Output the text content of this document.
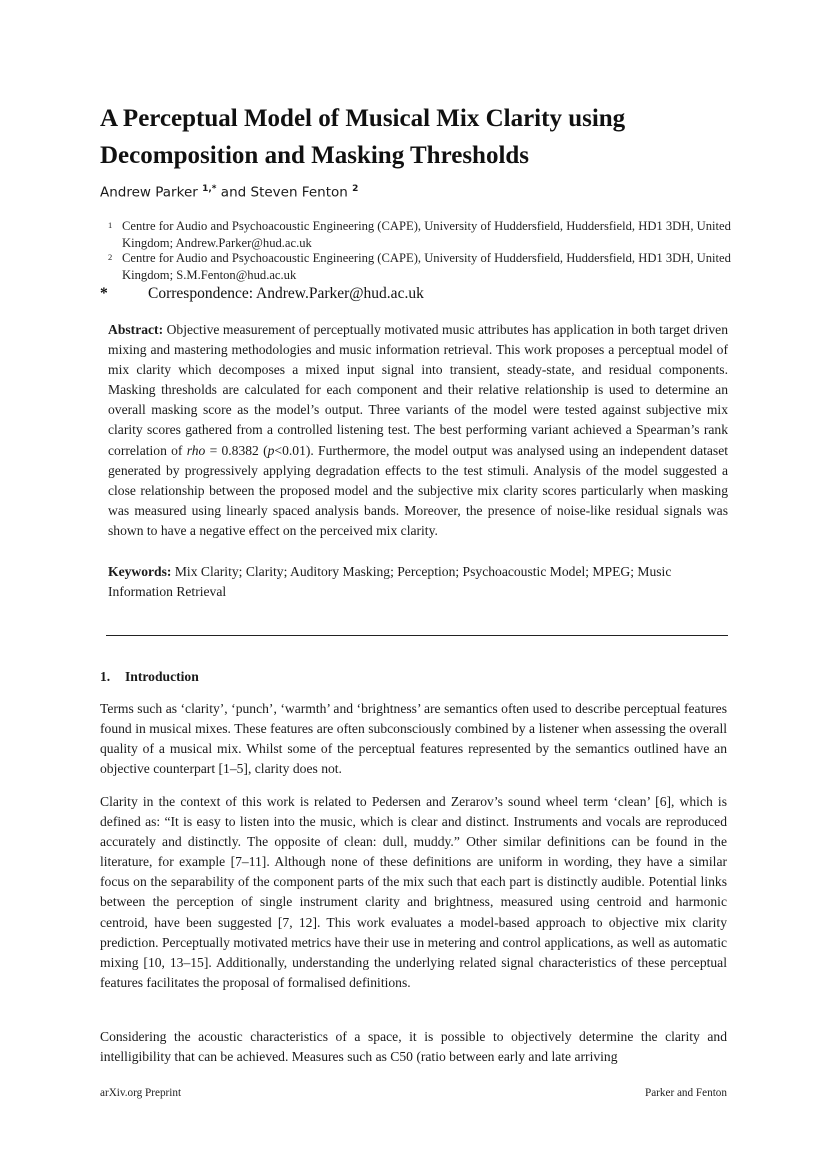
A Perceptual Model of Musical Mix Clarity using Decomposition and Masking Thresholds
Andrew Parker $^{1,*}$ and Steven Fenton $^2$
1 Centre for Audio and Psychoacoustic Engineering (CAPE), University of Huddersfield, Huddersfield, HD1 3DH, United Kingdom; Andrew.Parker@hud.ac.uk
2 Centre for Audio and Psychoacoustic Engineering (CAPE), University of Huddersfield, Huddersfield, HD1 3DH, United Kingdom; S.M.Fenton@hud.ac.uk
*	Correspondence: Andrew.Parker@hud.ac.uk

Abstract: Objective measurement of perceptually motivated music attributes has application in both target driven mixing and mastering methodologies and music information retrieval. This work proposes a perceptual model of mix clarity which decomposes a mixed input signal into transient, steady-state, and residual components. Masking thresholds are calculated for each component and their relative relationship is used to determine an overall masking score as the model’s output. Three variants of the model were tested against subjective mix clarity scores gathered from a controlled listening test. The best performing variant achieved a Spearman’s rank correlation of rho = 0.8382 (p<0.01). Furthermore, the model output was analysed using an independent dataset generated by progressively applying degradation effects to the test stimuli. Analysis of the model suggested a close relationship between the proposed model and the subjective mix clarity scores particularly when masking was measured using linearly spaced analysis bands. Moreover, the presence of noise-like residual signals was shown to have a negative effect on the perceived mix clarity.

Keywords: Mix Clarity; Clarity; Auditory Masking; Perception; Psychoacoustic Model; MPEG; Music Information Retrieval

1. Introduction

Terms such as ‘clarity’, ‘punch’, ‘warmth’ and ‘brightness’ are semantics often used to describe perceptual features found in musical mixes. These features are often subconsciously combined by a listener when assessing the overall quality of a musical mix. Whilst some of the perceptual features represented by the semantics outlined have an objective counterpart [1–5], clarity does not.

Clarity in the context of this work is related to Pedersen and Zerarov’s sound wheel term ‘clean’ [6], which is defined as: “It is easy to listen into the music, which is clear and distinct. Instruments and vocals are reproduced accurately and distinctly. The opposite of clean: dull, muddy.” Other similar definitions can be found in the literature, for example [7–11]. Although none of these definitions are uniform in wording, they have a similar focus on the separability of the component parts of the mix such that each part is distinctly audible. Potential links between the perception of single instrument clarity and brightness, measured using centroid and harmonic centroid, have been suggested [7, 12]. This work evaluates a model-based approach to objective mix clarity prediction. Perceptually motivated metrics have their use in metering and control applications, as well as automatic mixing [10, 13–15]. Additionally, understanding the underlying related signal characteristics of these perceptual features facilitates the proposal of formalised definitions.

Considering the acoustic characteristics of a space, it is possible to objectively determine the clarity and intelligibility that can be achieved. Measures such as C50 (ratio between early and late arriving

arXiv.org Preprint	Parker and Fenton
